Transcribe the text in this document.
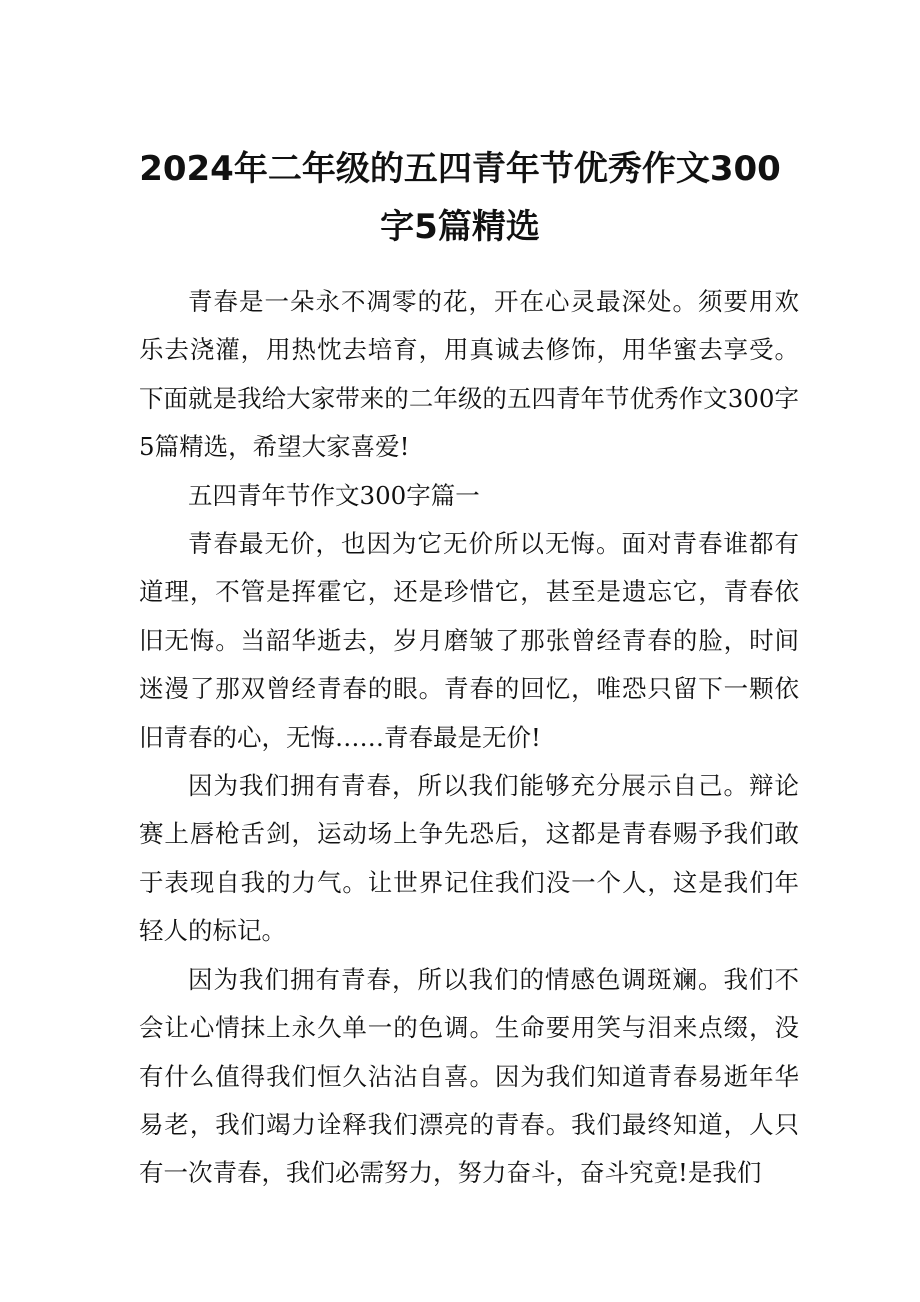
2024年二年级的五四青年节优秀作文300
字5篇精选

青春是一朵永不凋零的花，开在心灵最深处。须要用欢乐去浇灌，用热忱去培育，用真诚去修饰，用华蜜去享受。下面就是我给大家带来的二年级的五四青年节优秀作文300字5篇精选，希望大家喜爱!

五四青年节作文300字篇一

青春最无价，也因为它无价所以无悔。面对青春谁都有道理，不管是挥霍它，还是珍惜它，甚至是遗忘它，青春依旧无悔。当韶华逝去，岁月磨皱了那张曾经青春的脸，时间迷漫了那双曾经青春的眼。青春的回忆，唯恐只留下一颗依旧青春的心，无悔……青春最是无价!

因为我们拥有青春，所以我们能够充分展示自己。辩论赛上唇枪舌剑，运动场上争先恐后，这都是青春赐予我们敢于表现自我的力气。让世界记住我们没一个人，这是我们年轻人的标记。

因为我们拥有青春，所以我们的情感色调斑斓。我们不会让心情抹上永久单一的色调。生命要用笑与泪来点缀，没有什么值得我们恒久沾沾自喜。因为我们知道青春易逝年华易老，我们竭力诠释我们漂亮的青春。我们最终知道，人只有一次青春，我们必需努力，努力奋斗，奋斗究竟!是我们
